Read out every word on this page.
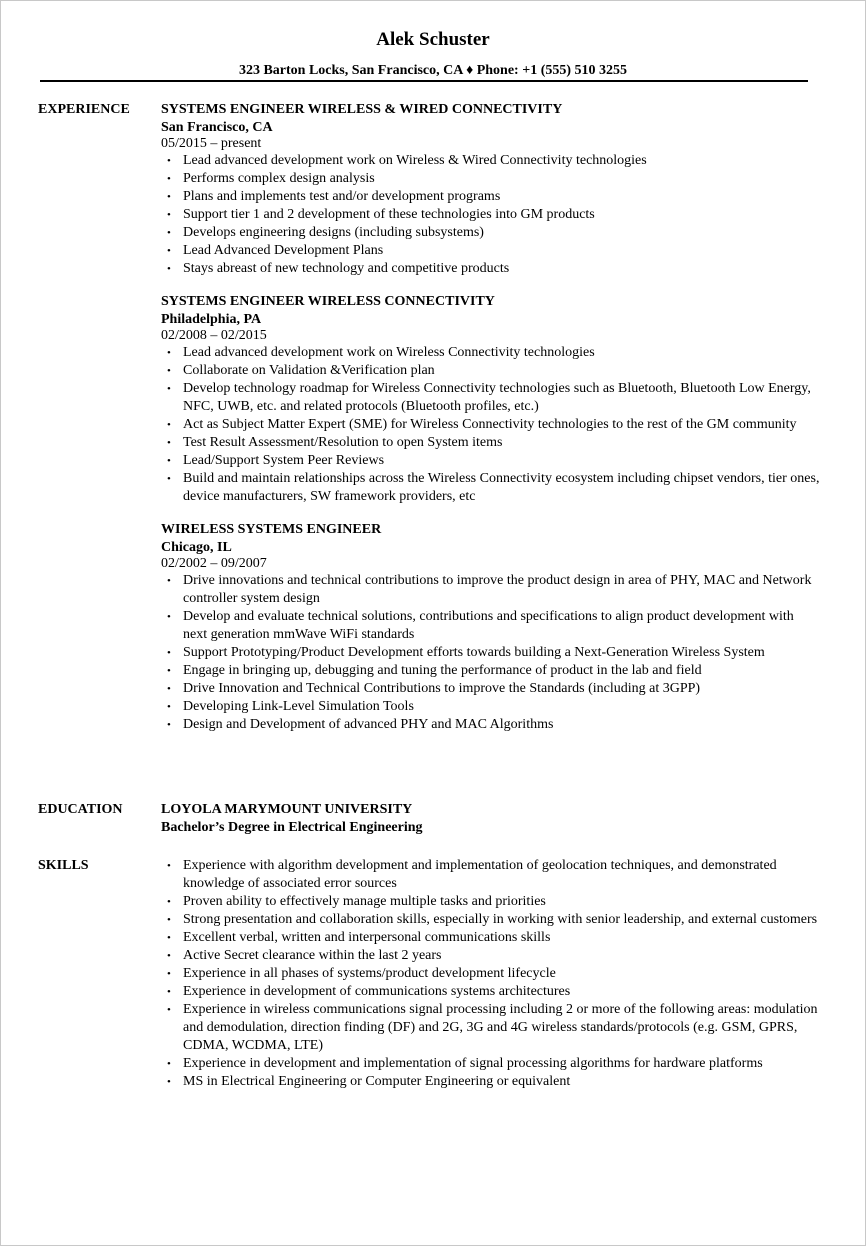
Alek Schuster
323 Barton Locks, San Francisco, CA ♦ Phone: +1 (555) 510 3255
EXPERIENCE SYSTEMS ENGINEER WIRELESS & WIRED CONNECTIVITY
San Francisco, CA
05/2015 – present
• Lead advanced development work on Wireless & Wired Connectivity technologies
• Performs complex design analysis
• Plans and implements test and/or development programs
• Support tier 1 and 2 development of these technologies into GM products
• Develops engineering designs (including subsystems)
• Lead Advanced Development Plans
• Stays abreast of new technology and competitive products
SYSTEMS ENGINEER WIRELESS CONNECTIVITY
Philadelphia, PA
02/2008 – 02/2015
• Lead advanced development work on Wireless Connectivity technologies
• Collaborate on Validation &Verification plan
• Develop technology roadmap for Wireless Connectivity technologies such as Bluetooth, Bluetooth Low Energy, NFC, UWB, etc. and related protocols (Bluetooth profiles, etc.)
• Act as Subject Matter Expert (SME) for Wireless Connectivity technologies to the rest of the GM community
• Test Result Assessment/Resolution to open System items
• Lead/Support System Peer Reviews
• Build and maintain relationships across the Wireless Connectivity ecosystem including chipset vendors, tier ones, device manufacturers, SW framework providers, etc
WIRELESS SYSTEMS ENGINEER
Chicago, IL
02/2002 – 09/2007
• Drive innovations and technical contributions to improve the product design in area of PHY, MAC and Network controller system design
• Develop and evaluate technical solutions, contributions and specifications to align product development with next generation mmWave WiFi standards
• Support Prototyping/Product Development efforts towards building a Next-Generation Wireless System
• Engage in bringing up, debugging and tuning the performance of product in the lab and field
• Drive Innovation and Technical Contributions to improve the Standards (including at 3GPP)
• Developing Link-Level Simulation Tools
• Design and Development of advanced PHY and MAC Algorithms
EDUCATION	LOYOLA MARYMOUNT UNIVERSITY
Bachelor’s Degree in Electrical Engineering
SKILLS
•	Experience with algorithm development and implementation of geolocation techniques, and demonstrated knowledge of associated error sources
• Proven ability to effectively manage multiple tasks and priorities
• Strong presentation and collaboration skills, especially in working with senior leadership, and external customers
• Excellent verbal, written and interpersonal communications skills
• Active Secret clearance within the last 2 years
• Experience in all phases of systems/product development lifecycle
• Experience in development of communications systems architectures
• Experience in wireless communications signal processing including 2 or more of the following areas: modulation and demodulation, direction finding (DF) and 2G, 3G and 4G wireless standards/protocols (e.g. GSM, GPRS, CDMA, WCDMA, LTE)
• Experience in development and implementation of signal processing algorithms for hardware platforms
• MS in Electrical Engineering or Computer Engineering or equivalent
